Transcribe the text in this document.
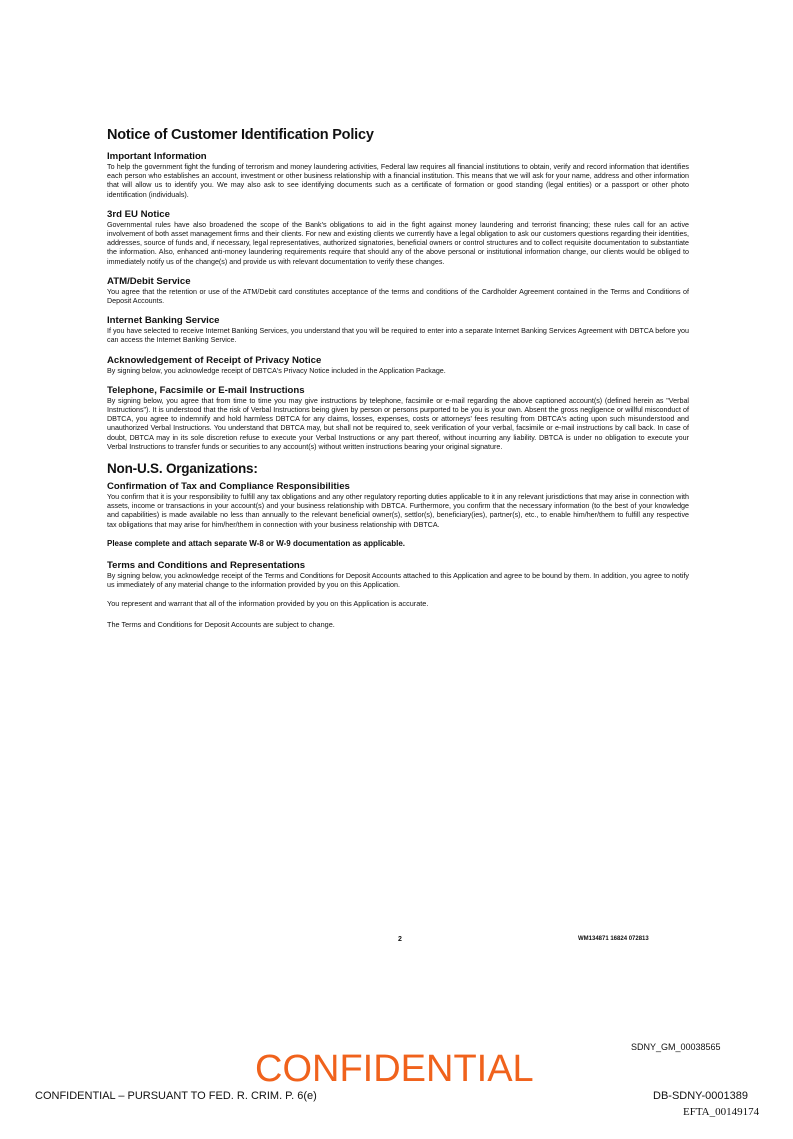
Notice of Customer Identification Policy
Important Information

To help the government fight the funding of terrorism and money laundering activities, Federal law requires all financial institutions to obtain, verify and record information that identifies each person who establishes an account, investment or other business relationship with a financial institution. This means that we will ask for your name, address and other information that will allow us to identify you. We may also ask to see identifying documents such as a certificate of formation or good standing (legal entities) or a passport or other photo identification (individuals).

3rd EU Notice

Governmental rules have also broadened the scope of the Bank's obligations to aid in the fight against money laundering and terrorist financing; these rules call for an active involvement of both asset management firms and their clients. For new and existing clients we currently have a legal obligation to ask our customers questions regarding their identities, addresses, source of funds and, if necessary, legal representatives, authorized signatories, beneficial owners or control structures and to collect requisite documentation to substantiate the information. Also, enhanced anti-money laundering requirements require that should any of the above personal or institutional information change, our clients would be obliged to immediately notify us of the change(s) and provide us with relevant documentation to verify these changes.

ATM/Debit Service

You agree that the retention or use of the ATM/Debit card constitutes acceptance of the terms and conditions of the Cardholder Agreement contained in the Terms and Conditions of Deposit Accounts.

Internet Banking Service

If you have selected to receive Internet Banking Services, you understand that you will be required to enter into a separate Internet Banking Services Agreement with DBTCA before you can access the Internet Banking Service.

Acknowledgement of Receipt of Privacy Notice

By signing below, you acknowledge receipt of DBTCA's Privacy Notice included in the Application Package.

Telephone, Facsimile or E-mail Instructions

By signing below, you agree that from time to time you may give instructions by telephone, facsimile or e-mail regarding the above captioned account(s) (defined herein as "Verbal Instructions"). It is understood that the risk of Verbal Instructions being given by person or persons purported to be you is your own. Absent the gross negligence or willful misconduct of DBTCA, you agree to indemnify and hold harmless DBTCA for any claims, losses, expenses, costs or attorneys' fees resulting from DBTCA's acting upon such misunderstood and unauthorized Verbal Instructions. You understand that DBTCA may, but shall not be required to, seek verification of your verbal, facsimile or e-mail instructions by call back. In case of doubt, DBTCA may in its sole discretion refuse to execute your Verbal Instructions or any part thereof, without incurring any liability. DBTCA is under no obligation to execute your Verbal Instructions to transfer funds or securities to any account(s) without written instructions bearing your original signature.

Non-U.S. Organizations:
Confirmation of Tax and Compliance Responsibilities

You confirm that it is your responsibility to fulfill any tax obligations and any other regulatory reporting duties applicable to it in any relevant jurisdictions that may arise in connection with assets, income or transactions in your account(s) and your business relationship with DBTCA. Furthermore, you confirm that the necessary information (to the best of your knowledge and capabilities) is made available no less than annually to the relevant beneficial owner(s), settlor(s), beneficiary(ies), partner(s), etc., to enable him/her/them to fulfill any respective tax obligations that may arise for him/her/them in connection with your business relationship with DBTCA.

Please complete and attach separate W-8 or W-9 documentation as applicable.
Terms and Conditions and Representations

By signing below, you acknowledge receipt of the Terms and Conditions for Deposit Accounts attached to this Application and agree to be bound by them. In addition, you agree to notify us immediately of any material change to the information provided by you on this Application.

You represent and warrant that all of the information provided by you on this Application is accurate.
The Terms and Conditions for Deposit Accounts are subject to change.
2	WM134871 16824 072813
SDNY_GM_00038565
CONFIDENTIAL
CONFIDENTIAL – PURSUANT TO FED. R. CRIM. P. 6(e)	DB-SDNY-0001389
EFTA_00149174
